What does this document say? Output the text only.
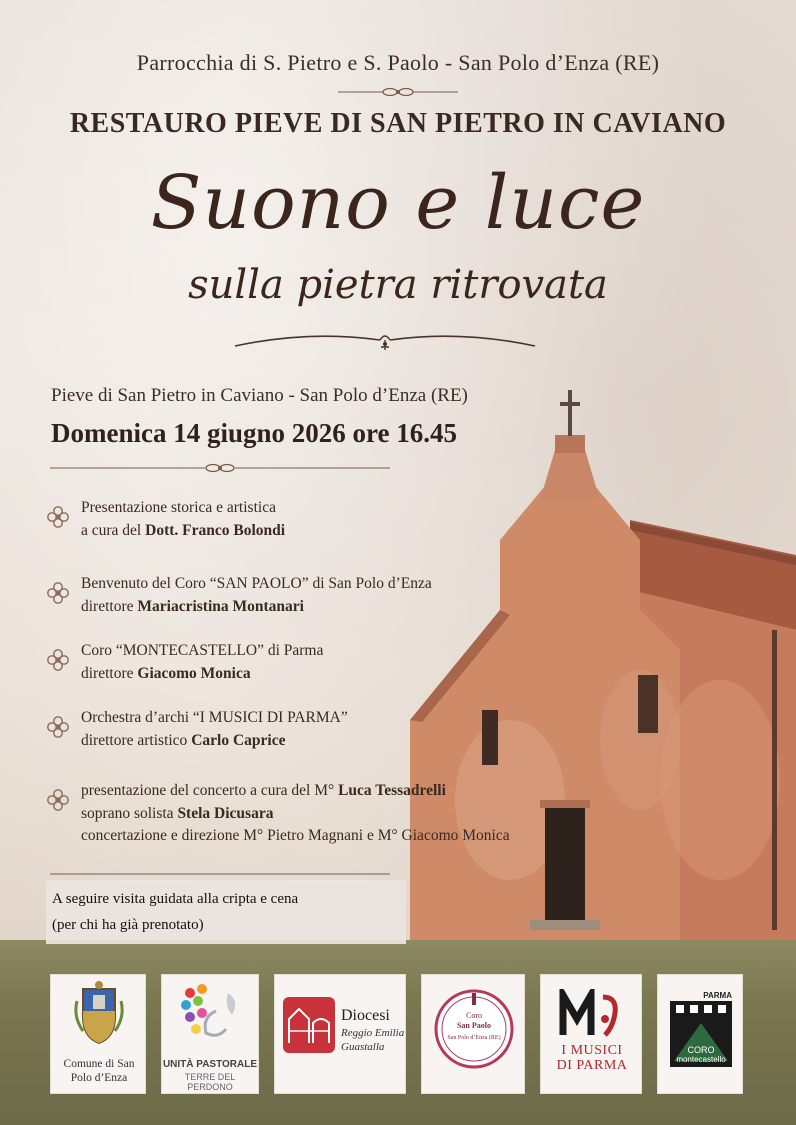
Parrocchia di S. Pietro e S. Paolo - San Polo d’Enza (RE)
RESTAURO PIEVE DI SAN PIETRO IN CAVIANO
Suono e luce
sulla pietra ritrovata
Pieve di San Pietro in Caviano - San Polo d’Enza (RE)
Domenica 14 giugno 2026 ore 16.45
Presentazione storica e artistica
a cura del Dott. Franco Bolondi
Benvenuto del Coro “SAN PAOLO” di San Polo d’Enza
direttore Mariacristina Montanari
Coro “MONTECASTELLO” di Parma
direttore Giacomo Monica
Orchestra d’archi “I MUSICI DI PARMA”
direttore artistico Carlo Caprice
presentazione del concerto a cura del M° Luca Tessadrelli
soprano solista Stela Dicusara
concertazione e direzione M° Pietro Magnani e M° Giacomo Monica
A seguire visita guidata alla cripta e cena
(per chi ha già prenotato)
Comune di San Polo d’Enza
UNITÀ PASTORALE
TERRE DEL PERDONO
Diocesi
Reggio Emilia
Guastalla
Coro
San Paolo
San Polo d’Enza (RE)
I MUSICI
DI PARMA
PARMA
CORO
montecastello
